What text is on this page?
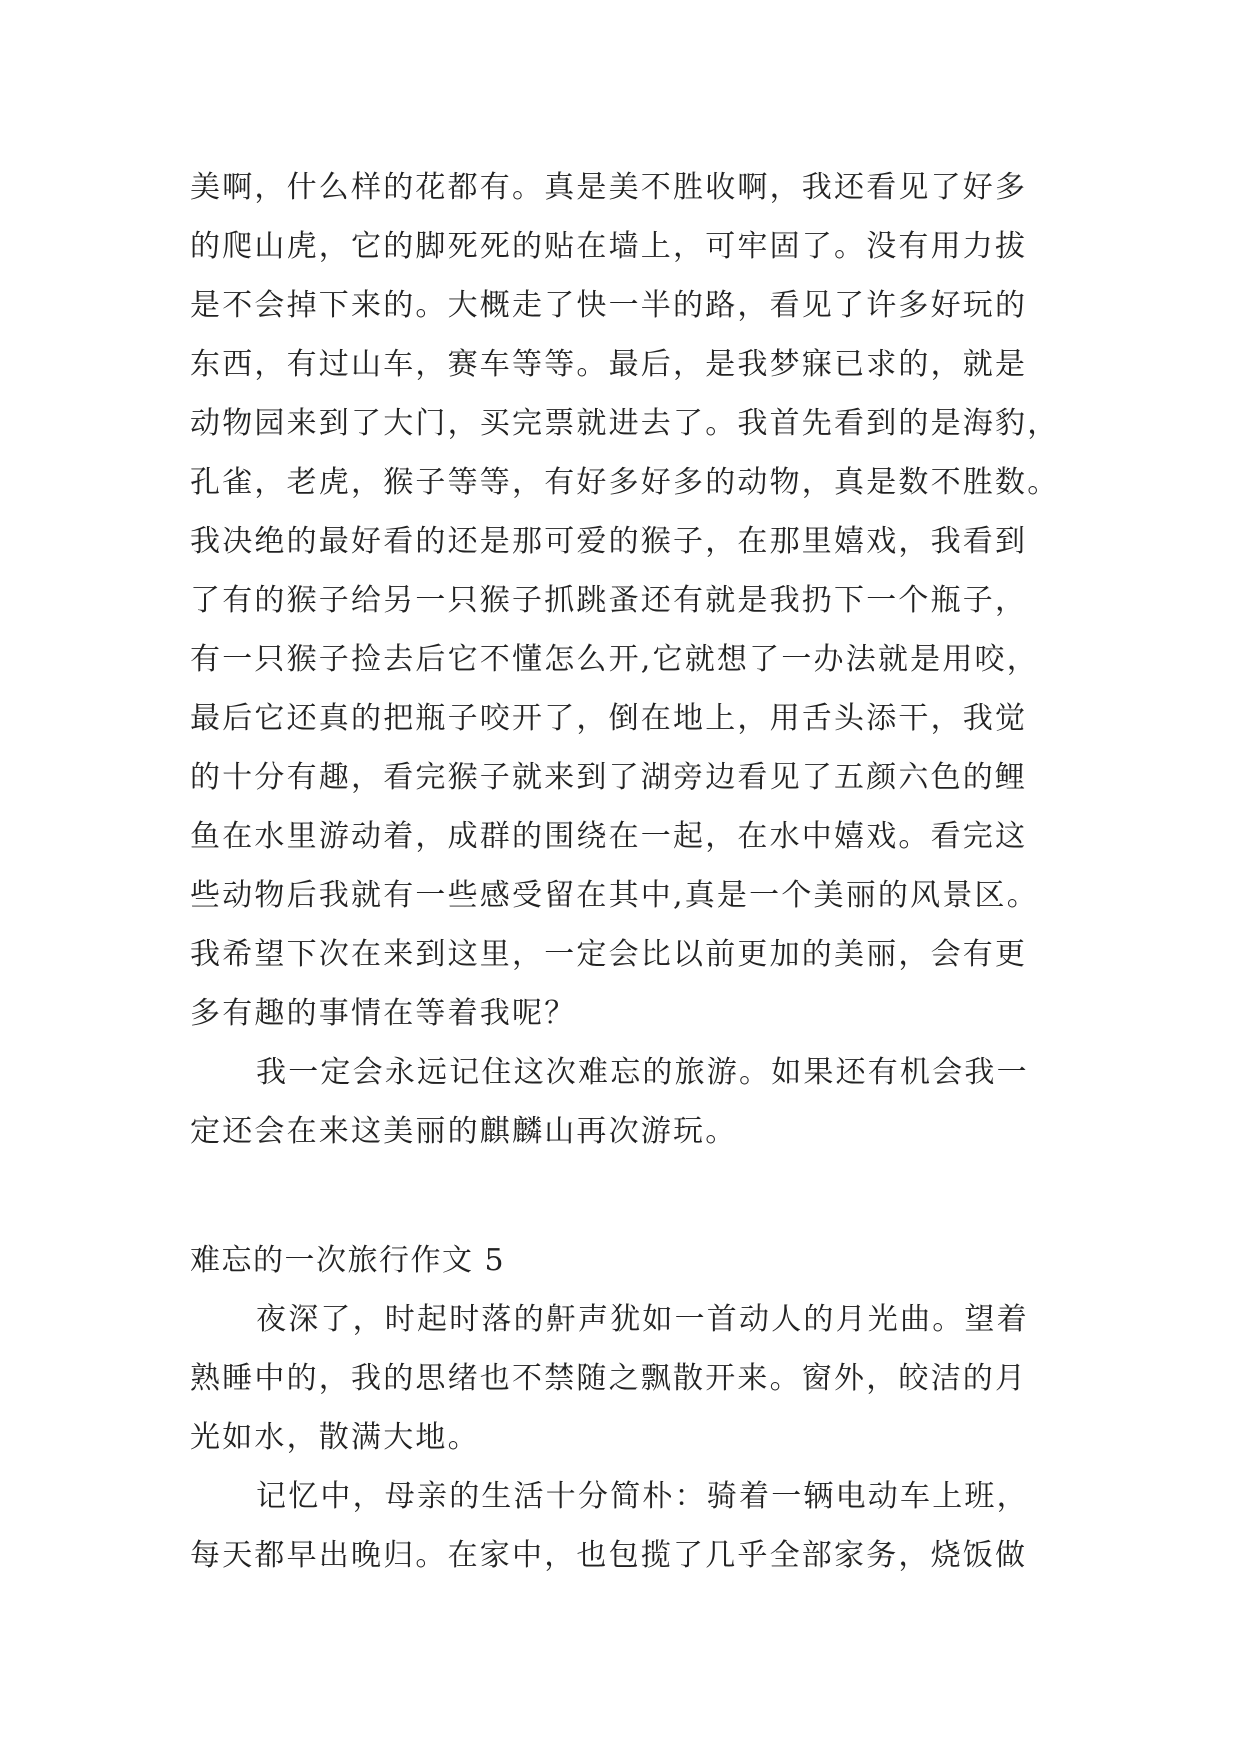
美啊，什么样的花都有。真是美不胜收啊，我还看见了好多
的爬山虎，它的脚死死的贴在墙上，可牢固了。没有用力拔
是不会掉下来的。大概走了快一半的路，看见了许多好玩的
东西，有过山车，赛车等等。最后，是我梦寐已求的，就是
动物园来到了大门，买完票就进去了。我首先看到的是海豹，
孔雀，老虎，猴子等等，有好多好多的动物，真是数不胜数。
我决绝的最好看的还是那可爱的猴子，在那里嬉戏，我看到
了有的猴子给另一只猴子抓跳蚤还有就是我扔下一个瓶子，
有一只猴子捡去后它不懂怎么开,它就想了一办法就是用咬，
最后它还真的把瓶子咬开了，倒在地上，用舌头添干，我觉
的十分有趣，看完猴子就来到了湖旁边看见了五颜六色的鲤
鱼在水里游动着，成群的围绕在一起，在水中嬉戏。看完这
些动物后我就有一些感受留在其中,真是一个美丽的风景区。
我希望下次在来到这里，一定会比以前更加的美丽，会有更
多有趣的事情在等着我呢？
我一定会永远记住这次难忘的旅游。如果还有机会我一
定还会在来这美丽的麒麟山再次游玩。
难忘的一次旅行作文 5
夜深了，时起时落的鼾声犹如一首动人的月光曲。望着
熟睡中的，我的思绪也不禁随之飘散开来。窗外，皎洁的月
光如水，散满大地。
记忆中，母亲的生活十分简朴：骑着一辆电动车上班，
每天都早出晚归。在家中，也包揽了几乎全部家务，烧饭做
